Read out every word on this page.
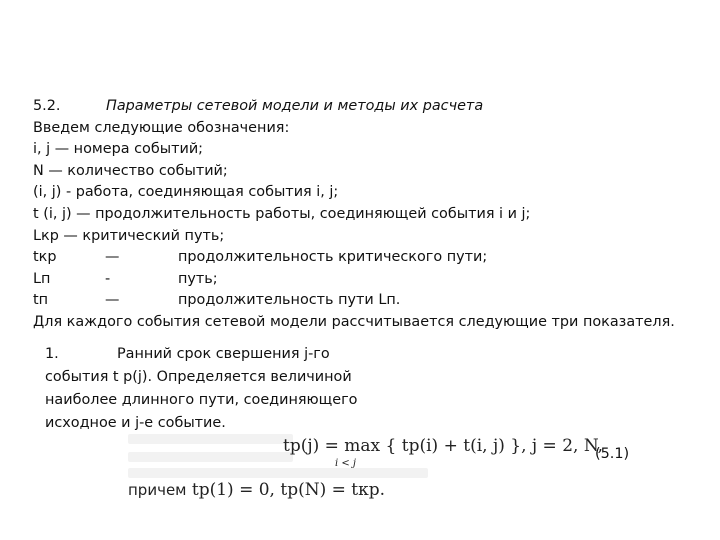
5.2.	Параметры сетевой модели и методы их расчета
Введем следующие обозначения:
i, j — номера событий;
N — количество событий;
(i, j) - работа, соединяющая события i, j;
t (i, j) — продолжительность работы, соединяющей события i и j;
Lкр — критический путь;
tкр	—	продолжительность критического пути;
Lп	-	путь;
tп	—	продолжительность пути Lп.
Для каждого события сетевой модели рассчитывается следующие три показателя.
1.	Ранний срок свершения j-го
события t р(j). Определяется величиной
наиболее длинного пути, соединяющего
исходное и j-е событие.
tр(j) = max { tр(i) + t(i, j) }, j = 2, N,
i < j
причем tр(1) = 0, tр(N) = tкр.
(5.1)
